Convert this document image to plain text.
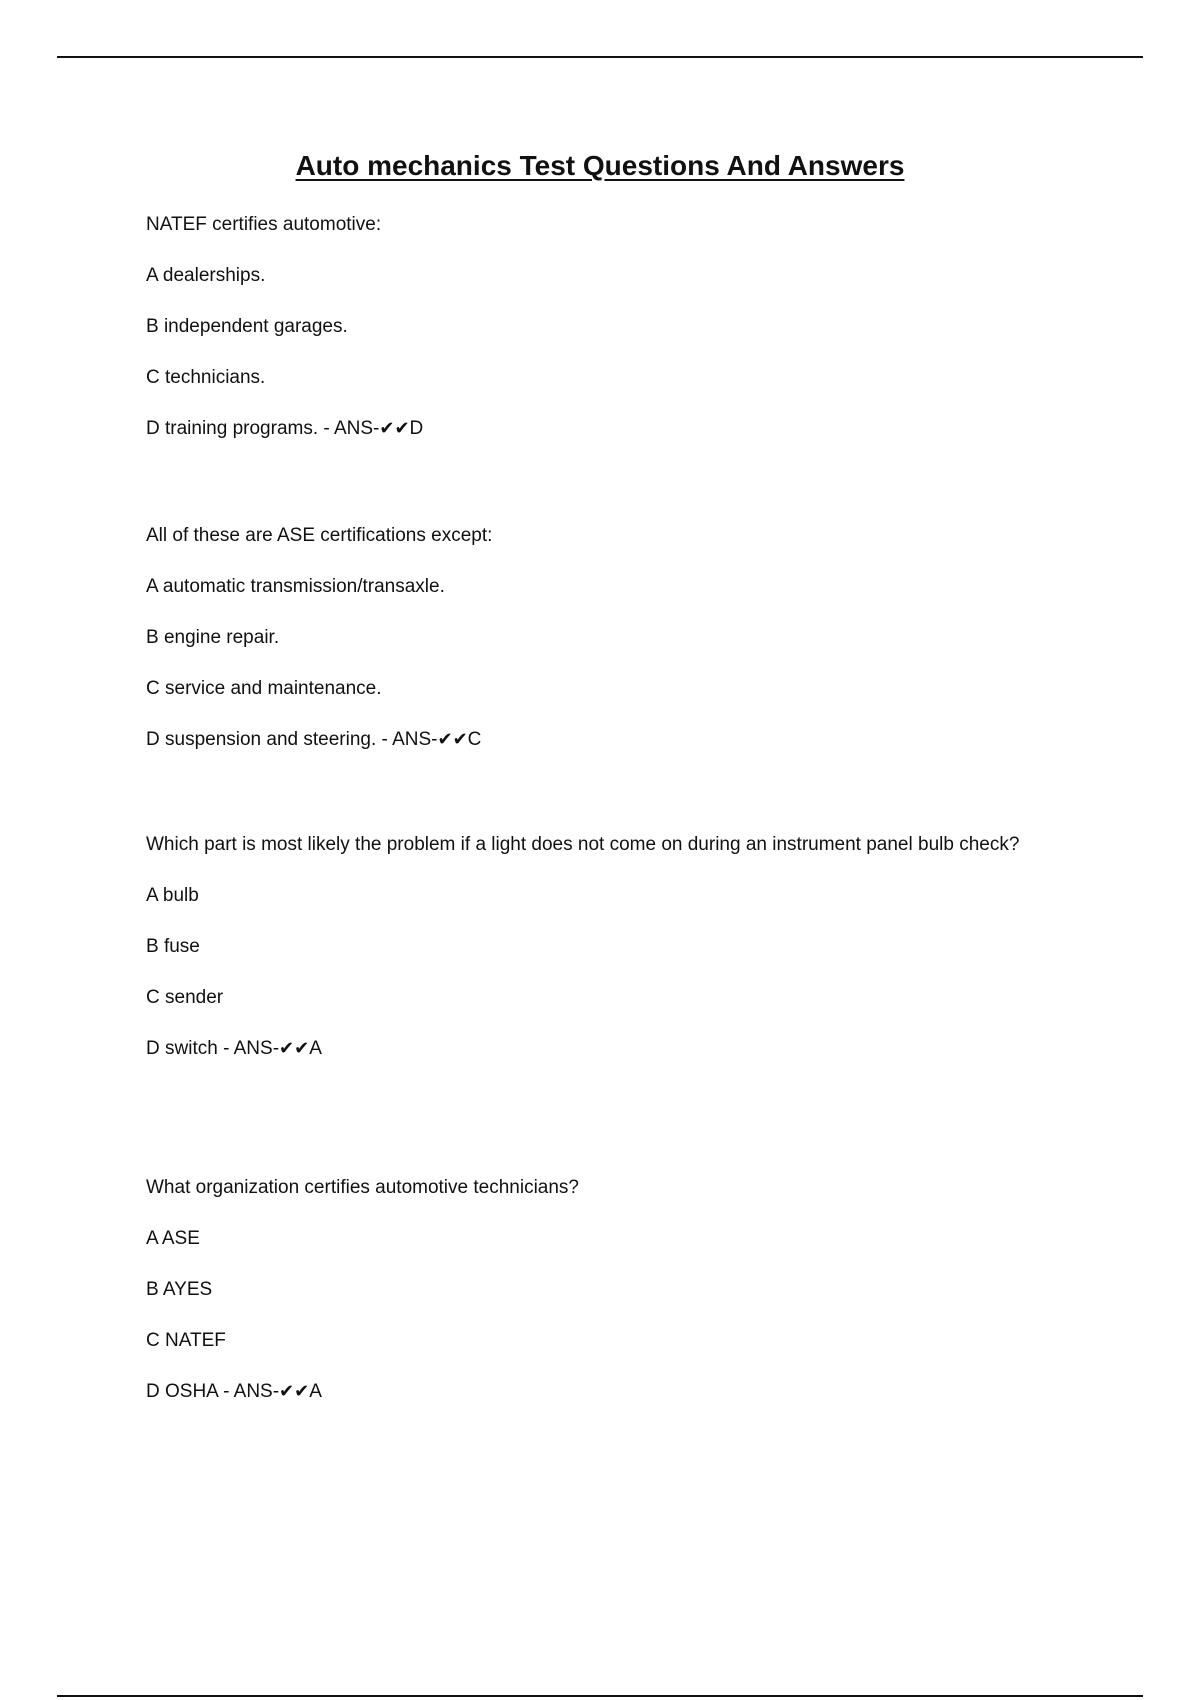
Auto mechanics Test Questions And Answers

NATEF certifies automotive:

A dealerships.

B independent garages.

C technicians.

D training programs. - ANS-✔✔D

All of these are ASE certifications except:

A automatic transmission/transaxle.

B engine repair.

C service and maintenance.

D suspension and steering. - ANS-✔✔C

Which part is most likely the problem if a light does not come on during an instrument panel bulb check?

A bulb

B fuse

C sender

D switch - ANS-✔✔A

What organization certifies automotive technicians?

A ASE

B AYES

C NATEF

D OSHA - ANS-✔✔A
